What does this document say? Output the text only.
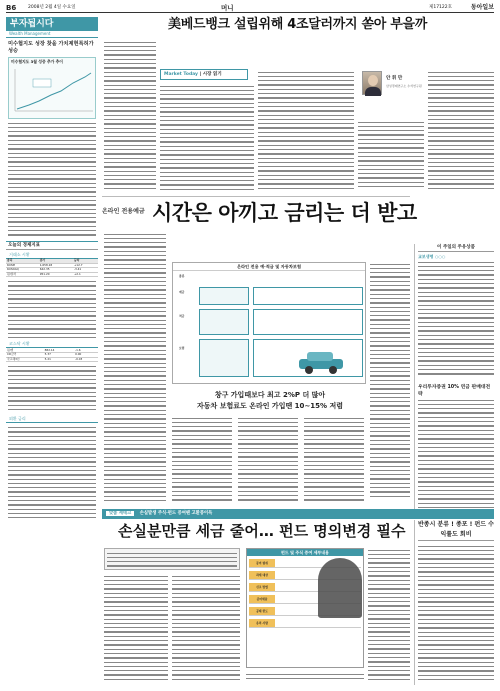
B6	2008년 2월 4일 수요일	머니	제17122호	동아일보
부자됩시다
Wealth Management
미수협지도 성장 찾을 가치제현특허가 성승
미수협지도 3월 성증 추가 추이

오늘의 경제지표
거래소 시황
종목	종가	등락
KOSPI	1,658.18	+12.7
KOSDAQ	642.35	-3.41
원/달러	951.20	+2.1

코스닥 시황
원/엔	882.14	-1.6
CD금리	5.37	0.00
국고채3년	5.21	-0.03

외환 금리

美베드뱅크 설립위해 4조달러까지 쏟아 부을까

Market Today | 시장 읽기

안 휘 만
삼성경제연구소 수석연구원

온라인 전용예금 시간은 아끼고 금리는 더 받고

온라인 전용 예·적금 및 자동차보험
종류
예금
적금
보험
창구 가입때보다 최고 2%P 더 많아
자동차 보험료도 온라인 가입땐 10~15% 저렴

이 주일의 주유상품
교보생명 ○○○

우리투자증권 10% 연금 판매대전략

맞춤 재테크 손실발생 주식·펀드 증여땐 고환풍이득
손실분만큼 세금 줄어… 펀드 명의변경 필수

펀드 및 주식 증여 세부내용
증여 범위
과세 대상
신고 방법
증여세율
공제 한도
유의 사항

반종시 분류 ! 종포 ! 펀드 수익률도 회비
